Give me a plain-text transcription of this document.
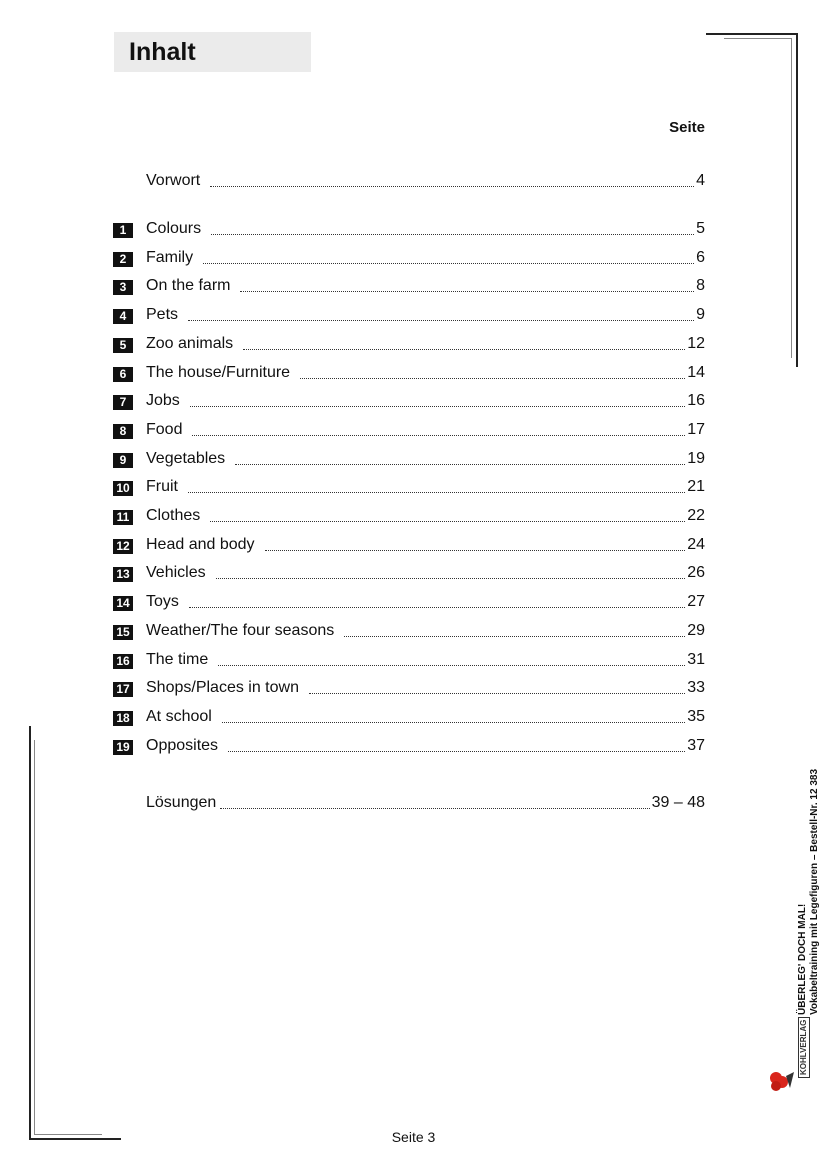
Inhalt
Seite
Vorwort	4
1	Colours	5
2	Family	6
3	On the farm	8
4	Pets	9
5	Zoo animals	12
6	The house/Furniture	14
7	Jobs	16
8	Food	17
9	Vegetables	19
10 Fruit	21
11 Clothes	22
12 Head and body	24
13 Vehicles	26
14 Toys	27
15 Weather/The four seasons	29
16 The time	31
17 Shops/Places in town	33
18 At school	35
19 Opposites	37
Lösungen	39 – 48
ÜBERLEG' DOCH MAL! Vokabeltraining mit Legefiguren – Bestell-Nr. 12 383
KOHLVERLAG
Seite 3
